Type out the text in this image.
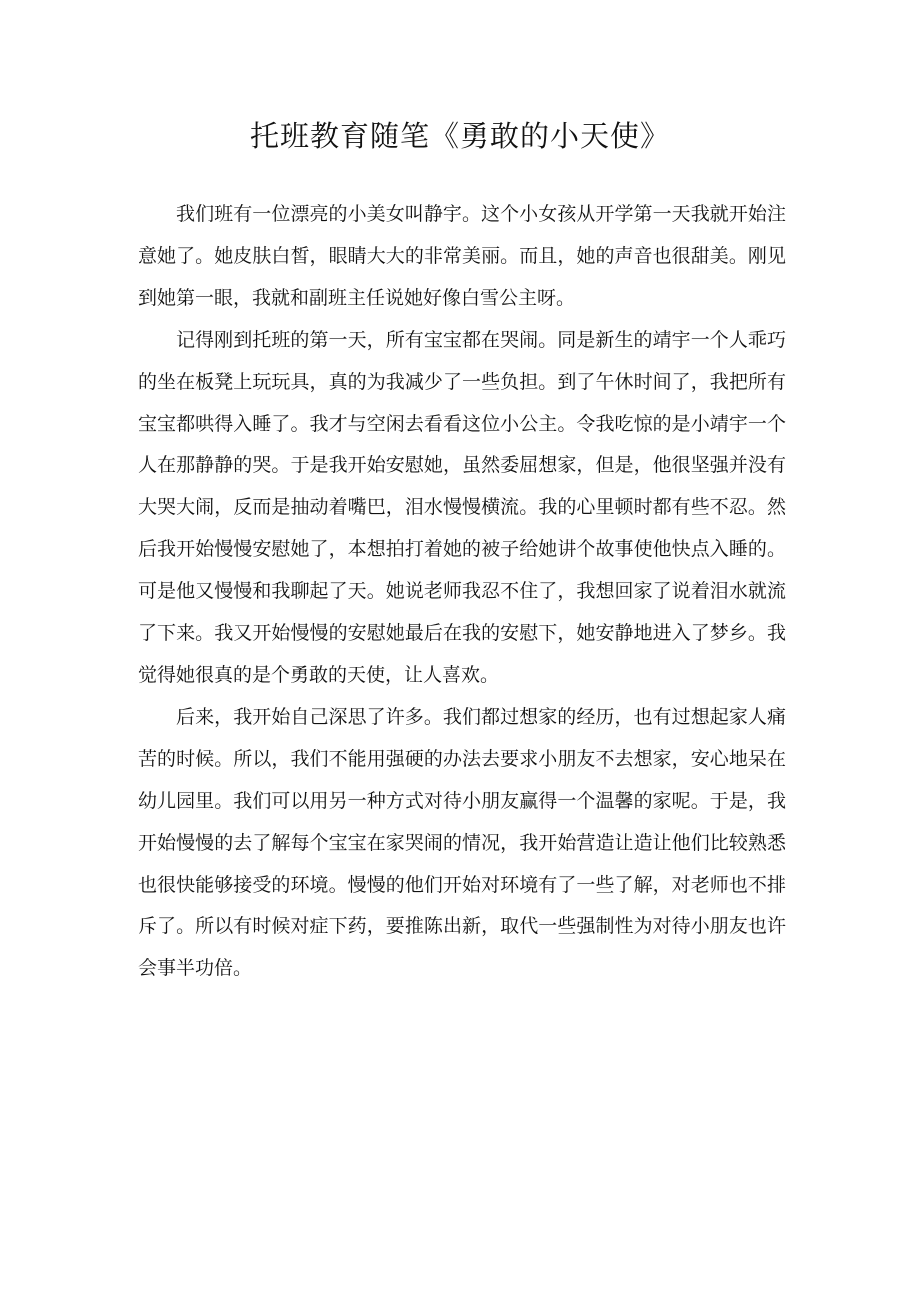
托班教育随笔《勇敢的小天使》

我们班有一位漂亮的小美女叫静宇。这个小女孩从开学第一天我就开始注意她了。她皮肤白皙，眼睛大大的非常美丽。而且，她的声音也很甜美。刚见到她第一眼，我就和副班主任说她好像白雪公主呀。

记得刚到托班的第一天，所有宝宝都在哭闹。同是新生的靖宇一个人乖巧的坐在板凳上玩玩具，真的为我减少了一些负担。到了午休时间了，我把所有宝宝都哄得入睡了。我才与空闲去看看这位小公主。令我吃惊的是小靖宇一个人在那静静的哭。于是我开始安慰她，虽然委屈想家，但是，他很坚强并没有大哭大闹，反而是抽动着嘴巴，泪水慢慢横流。我的心里顿时都有些不忍。然后我开始慢慢安慰她了，本想拍打着她的被子给她讲个故事使他快点入睡的。可是他又慢慢和我聊起了天。她说老师我忍不住了，我想回家了说着泪水就流了下来。我又开始慢慢的安慰她最后在我的安慰下，她安静地进入了梦乡。我觉得她很真的是个勇敢的天使，让人喜欢。

后来，我开始自己深思了许多。我们都过想家的经历，也有过想起家人痛苦的时候。所以，我们不能用强硬的办法去要求小朋友不去想家，安心地呆在幼儿园里。我们可以用另一种方式对待小朋友赢得一个温馨的家呢。于是，我开始慢慢的去了解每个宝宝在家哭闹的情况，我开始营造让造让他们比较熟悉也很快能够接受的环境。慢慢的他们开始对环境有了一些了解，对老师也不排斥了。所以有时候对症下药，要推陈出新，取代一些强制性为对待小朋友也许会事半功倍。
